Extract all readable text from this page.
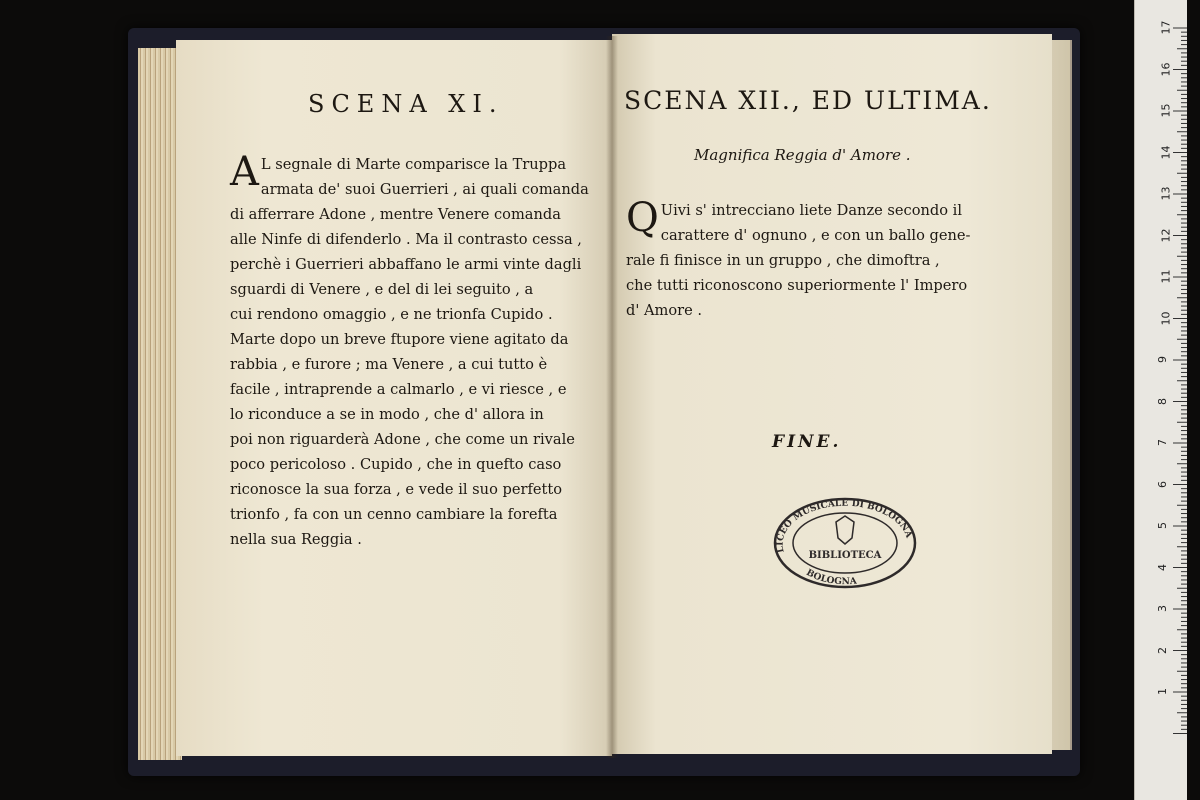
SCENA XI.
A L segnale di Marte comparisce la Truppa
armata de' suoi Guerrieri , ai quali comanda
di afferrare Adone , mentre Venere comanda
alle Ninfe di difenderlo . Ma il contrasto cessa ,
perchè i Guerrieri abbaffano le armi vinte dagli
sguardi di Venere , e del di lei seguito , a
cui rendono omaggio , e ne trionfa Cupido .
Marte dopo un breve ftupore viene agitato da
rabbia , e furore ; ma Venere , a cui tutto è
facile , intraprende a calmarlo , e vi riesce , e
lo riconduce a se in modo , che d' allora in
poi non riguarderà Adone , che come un rivale
poco pericoloso . Cupido , che in quefto caso
riconosce la sua forza , e vede il suo perfetto
trionfo , fa con un cenno cambiare la forefta
nella sua Reggia .
SCENA XII., ED ULTIMA.
Magnifica Reggia d' Amore .
Q Uivi s' intrecciano liete Danze secondo il
carattere d' ognuno , e con un ballo gene-
rale fi finisce in un gruppo , che dimoftra ,
che tutti riconoscono superiormente l' Impero
d' Amore .
FINE.
LICEO MUSICALE DI BOLOGNA
BIBLIOTECA
BOLOGNA
17
16
15
14
13
12
11
10
9
8
7
6
5
4
3
2
1
